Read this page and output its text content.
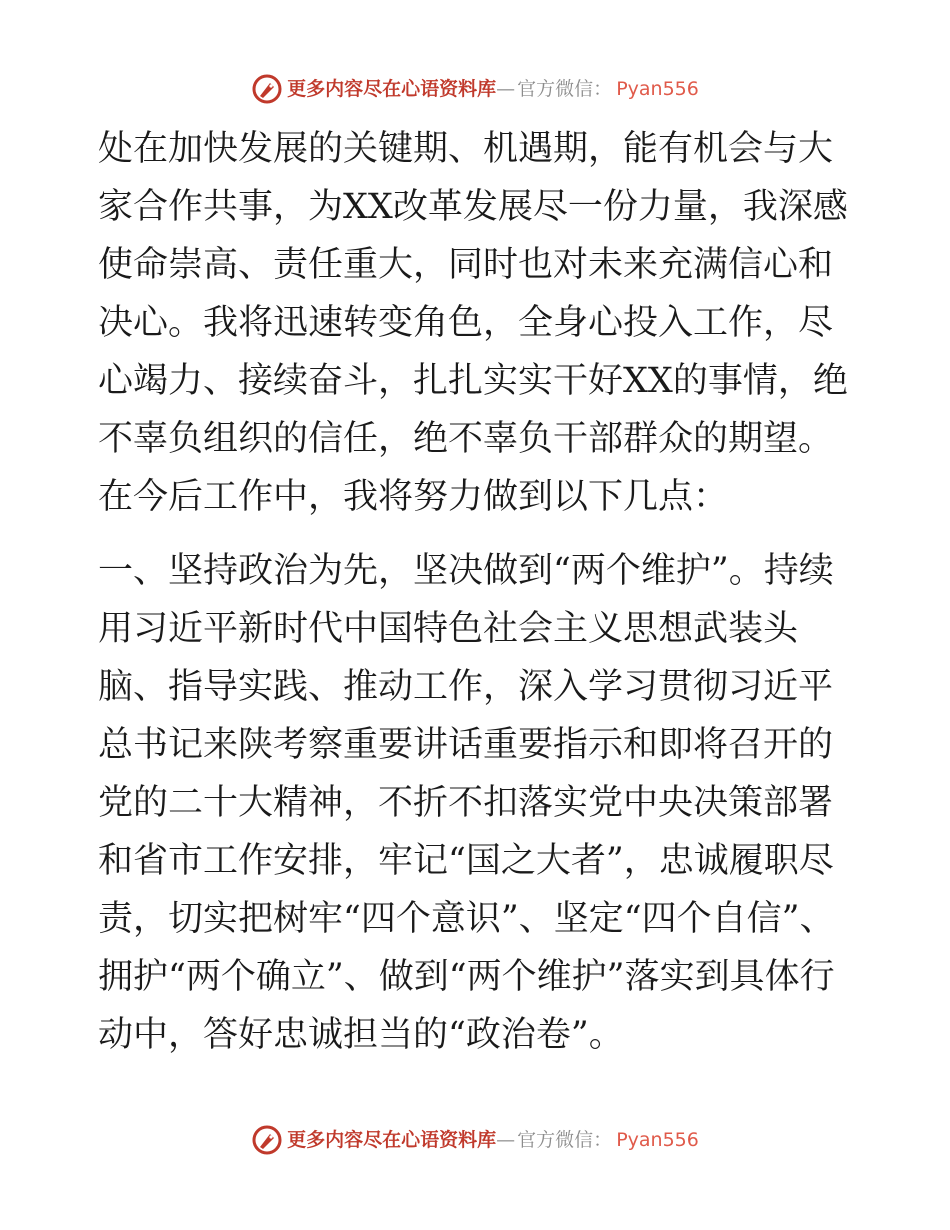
更多内容尽在心语资料库 — 官方微信： Pyan556

处在加快发展的关键期、机遇期，能有机会与大家合作共事，为XX改革发展尽一份力量，我深感使命崇高、责任重大，同时也对未来充满信心和决心。我将迅速转变角色，全身心投入工作，尽心竭力、接续奋斗，扎扎实实干好XX的事情，绝不辜负组织的信任，绝不辜负干部群众的期望。在今后工作中，我将努力做到以下几点：

一、坚持政治为先，坚决做到“两个维护”。持续用习近平新时代中国特色社会主义思想武装头脑、指导实践、推动工作，深入学习贯彻习近平总书记来陕考察重要讲话重要指示和即将召开的党的二十大精神，不折不扣落实党中央决策部署和省市工作安排，牢记“国之大者”，忠诚履职尽责，切实把树牢“四个意识”、坚定“四个自信”、拥护“两个确立”、做到“两个维护”落实到具体行动中，答好忠诚担当的“政治卷”。

更多内容尽在心语资料库 — 官方微信： Pyan556
